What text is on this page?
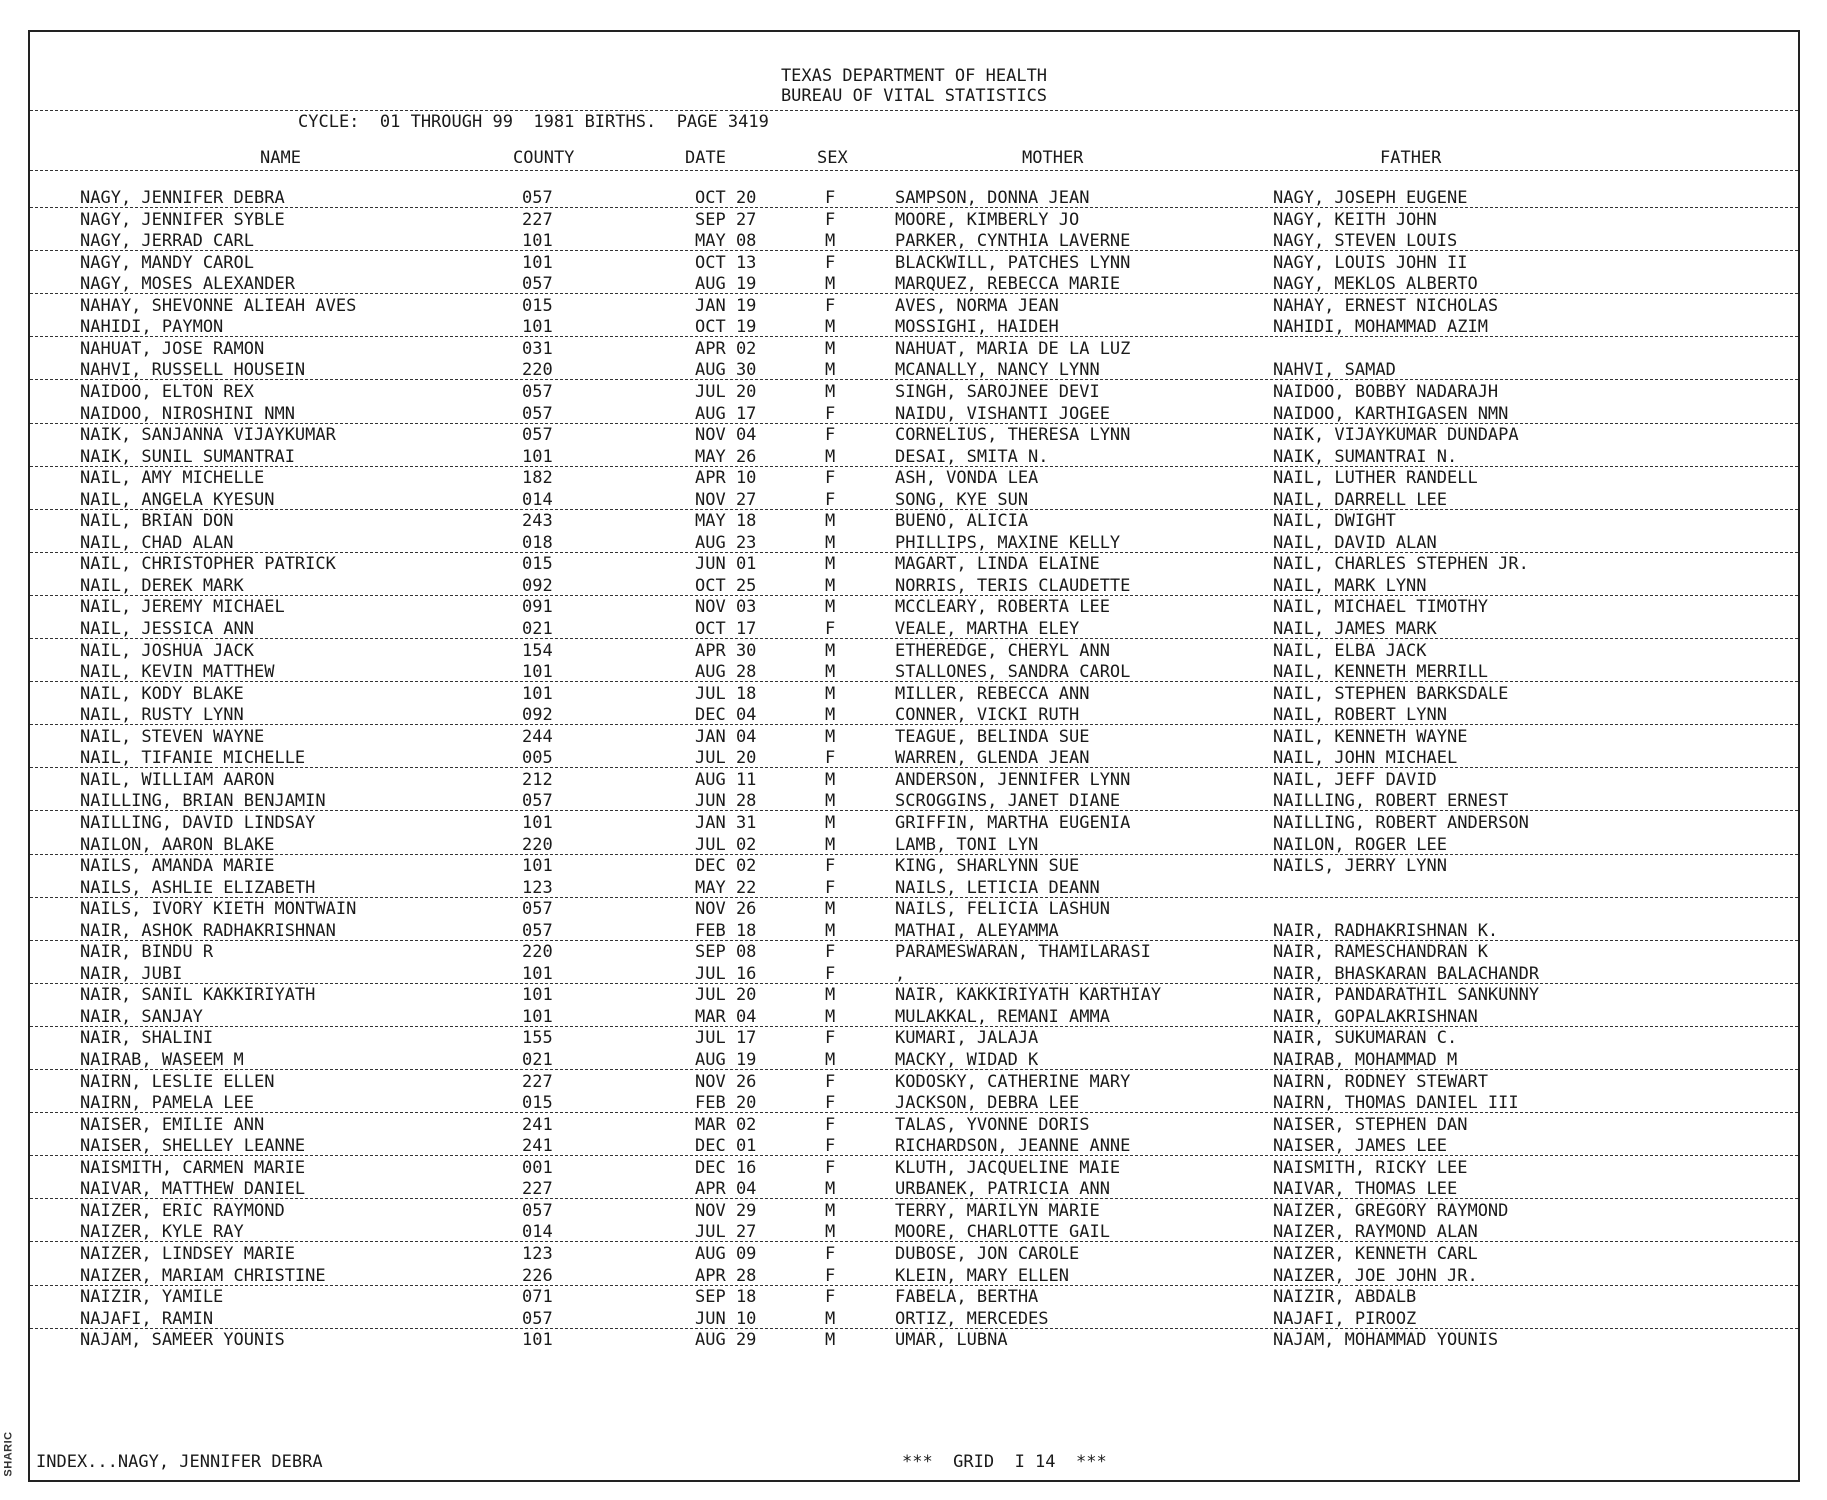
SHARIC
TEXAS DEPARTMENT OF HEALTH
BUREAU OF VITAL STATISTICS
CYCLE:  01 THROUGH 99  1981 BIRTHS.  PAGE 3419
NAME	COUNTY	DATE	SEX	MOTHER	FATHER
NAGY, JENNIFER DEBRA	057	OCT 20	F	SAMPSON, DONNA JEAN	NAGY, JOSEPH EUGENE
NAGY, JENNIFER SYBLE	227	SEP 27	F	MOORE, KIMBERLY JO	NAGY, KEITH JOHN
NAGY, JERRAD CARL	101	MAY 08	M	PARKER, CYNTHIA LAVERNE	NAGY, STEVEN LOUIS
NAGY, MANDY CAROL	101	OCT 13	F	BLACKWILL, PATCHES LYNN	NAGY, LOUIS JOHN II
NAGY, MOSES ALEXANDER	057	AUG 19	M	MARQUEZ, REBECCA MARIE	NAGY, MEKLOS ALBERTO
NAHAY, SHEVONNE ALIEAH AVES	015	JAN 19	F	AVES, NORMA JEAN	NAHAY, ERNEST NICHOLAS
NAHIDI, PAYMON	101	OCT 19	M	MOSSIGHI, HAIDEH	NAHIDI, MOHAMMAD AZIM
NAHUAT, JOSE RAMON	031	APR 02	M	NAHUAT, MARIA DE LA LUZ
NAHVI, RUSSELL HOUSEIN	220	AUG 30	M	MCANALLY, NANCY LYNN	NAHVI, SAMAD
NAIDOO, ELTON REX	057	JUL 20	M	SINGH, SAROJNEE DEVI	NAIDOO, BOBBY NADARAJH
NAIDOO, NIROSHINI NMN	057	AUG 17	F	NAIDU, VISHANTI JOGEE	NAIDOO, KARTHIGASEN NMN
NAIK, SANJANNA VIJAYKUMAR	057	NOV 04	F	CORNELIUS, THERESA LYNN	NAIK, VIJAYKUMAR DUNDAPA
NAIK, SUNIL SUMANTRAI	101	MAY 26	M	DESAI, SMITA N.	NAIK, SUMANTRAI N.
NAIL, AMY MICHELLE	182	APR 10	F	ASH, VONDA LEA	NAIL, LUTHER RANDELL
NAIL, ANGELA KYESUN	014	NOV 27	F	SONG, KYE SUN	NAIL, DARRELL LEE
NAIL, BRIAN DON	243	MAY 18	M	BUENO, ALICIA	NAIL, DWIGHT
NAIL, CHAD ALAN	018	AUG 23	M	PHILLIPS, MAXINE KELLY	NAIL, DAVID ALAN
NAIL, CHRISTOPHER PATRICK	015	JUN 01	M	MAGART, LINDA ELAINE	NAIL, CHARLES STEPHEN JR.
NAIL, DEREK MARK	092	OCT 25	M	NORRIS, TERIS CLAUDETTE	NAIL, MARK LYNN
NAIL, JEREMY MICHAEL	091	NOV 03	M	MCCLEARY, ROBERTA LEE	NAIL, MICHAEL TIMOTHY
NAIL, JESSICA ANN	021	OCT 17	F	VEALE, MARTHA ELEY	NAIL, JAMES MARK
NAIL, JOSHUA JACK	154	APR 30	M	ETHEREDGE, CHERYL ANN	NAIL, ELBA JACK
NAIL, KEVIN MATTHEW	101	AUG 28	M	STALLONES, SANDRA CAROL	NAIL, KENNETH MERRILL
NAIL, KODY BLAKE	101	JUL 18	M	MILLER, REBECCA ANN	NAIL, STEPHEN BARKSDALE
NAIL, RUSTY LYNN	092	DEC 04	M	CONNER, VICKI RUTH	NAIL, ROBERT LYNN
NAIL, STEVEN WAYNE	244	JAN 04	M	TEAGUE, BELINDA SUE	NAIL, KENNETH WAYNE
NAIL, TIFANIE MICHELLE	005	JUL 20	F	WARREN, GLENDA JEAN	NAIL, JOHN MICHAEL
NAIL, WILLIAM AARON	212	AUG 11	M	ANDERSON, JENNIFER LYNN	NAIL, JEFF DAVID
NAILLING, BRIAN BENJAMIN	057	JUN 28	M	SCROGGINS, JANET DIANE	NAILLING, ROBERT ERNEST
NAILLING, DAVID LINDSAY	101	JAN 31	M	GRIFFIN, MARTHA EUGENIA	NAILLING, ROBERT ANDERSON
NAILON, AARON BLAKE	220	JUL 02	M	LAMB, TONI LYN	NAILON, ROGER LEE
NAILS, AMANDA MARIE	101	DEC 02	F	KING, SHARLYNN SUE	NAILS, JERRY LYNN
NAILS, ASHLIE ELIZABETH	123	MAY 22	F	NAILS, LETICIA DEANN
NAILS, IVORY KIETH MONTWAIN	057	NOV 26	M	NAILS, FELICIA LASHUN
NAIR, ASHOK RADHAKRISHNAN	057	FEB 18	M	MATHAI, ALEYAMMA	NAIR, RADHAKRISHNAN K.
NAIR, BINDU R	220	SEP 08	F	PARAMESWARAN, THAMILARASI	NAIR, RAMESCHANDRAN K
NAIR, JUBI	101	JUL 16	F	,	NAIR, BHASKARAN BALACHANDR
NAIR, SANIL KAKKIRIYATH	101	JUL 20	M	NAIR, KAKKIRIYATH KARTHIAY	NAIR, PANDARATHIL SANKUNNY
NAIR, SANJAY	101	MAR 04	M	MULAKKAL, REMANI AMMA	NAIR, GOPALAKRISHNAN
NAIR, SHALINI	155	JUL 17	F	KUMARI, JALAJA	NAIR, SUKUMARAN C.
NAIRAB, WASEEM M	021	AUG 19	M	MACKY, WIDAD K	NAIRAB, MOHAMMAD M
NAIRN, LESLIE ELLEN	227	NOV 26	F	KODOSKY, CATHERINE MARY	NAIRN, RODNEY STEWART
NAIRN, PAMELA LEE	015	FEB 20	F	JACKSON, DEBRA LEE	NAIRN, THOMAS DANIEL III
NAISER, EMILIE ANN	241	MAR 02	F	TALAS, YVONNE DORIS	NAISER, STEPHEN DAN
NAISER, SHELLEY LEANNE	241	DEC 01	F	RICHARDSON, JEANNE ANNE	NAISER, JAMES LEE
NAISMITH, CARMEN MARIE	001	DEC 16	F	KLUTH, JACQUELINE MAIE	NAISMITH, RICKY LEE
NAIVAR, MATTHEW DANIEL	227	APR 04	M	URBANEK, PATRICIA ANN	NAIVAR, THOMAS LEE
NAIZER, ERIC RAYMOND	057	NOV 29	M	TERRY, MARILYN MARIE	NAIZER, GREGORY RAYMOND
NAIZER, KYLE RAY	014	JUL 27	M	MOORE, CHARLOTTE GAIL	NAIZER, RAYMOND ALAN
NAIZER, LINDSEY MARIE	123	AUG 09	F	DUBOSE, JON CAROLE	NAIZER, KENNETH CARL
NAIZER, MARIAM CHRISTINE	226	APR 28	F	KLEIN, MARY ELLEN	NAIZER, JOE JOHN JR.
NAIZIR, YAMILE	071	SEP 18	F	FABELA, BERTHA	NAIZIR, ABDALB
NAJAFI, RAMIN	057	JUN 10	M	ORTIZ, MERCEDES	NAJAFI, PIROOZ
NAJAM, SAMEER YOUNIS	101	AUG 29	M	UMAR, LUBNA	NAJAM, MOHAMMAD YOUNIS
INDEX...NAGY, JENNIFER DEBRA	***  GRID  I 14  ***
